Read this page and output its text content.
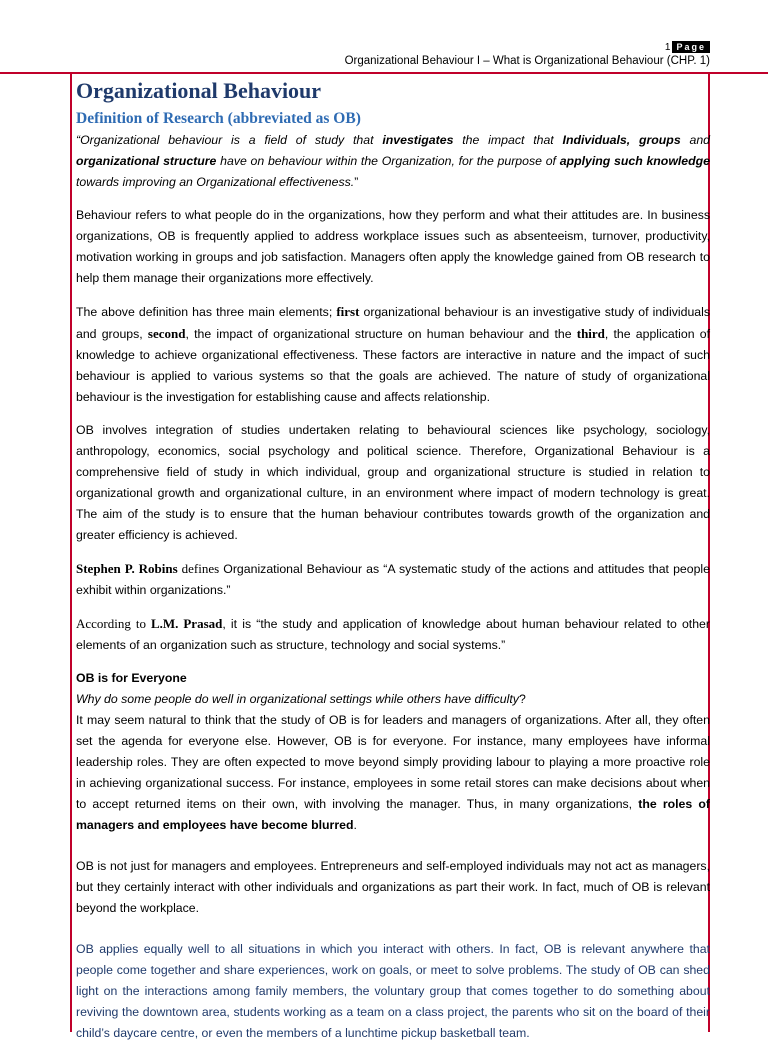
1 Page
Organizational Behaviour I – What is Organizational Behaviour (CHP. 1)
Organizational Behaviour
Definition of Research (abbreviated as OB)

“Organizational behaviour is a field of study that investigates the impact that Individuals, groups and organizational structure have on behaviour within the Organization, for the purpose of applying such knowledge towards improving an Organizational effectiveness.”

Behaviour refers to what people do in the organizations, how they perform and what their attitudes are. In business organizations, OB is frequently applied to address workplace issues such as absenteeism, turnover, productivity, motivation working in groups and job satisfaction. Managers often apply the knowledge gained from OB research to help them manage their organizations more effectively.

The above definition has three main elements; first organizational behaviour is an investigative study of individuals and groups, second, the impact of organizational structure on human behaviour and the third, the application of knowledge to achieve organizational effectiveness. These factors are interactive in nature and the impact of such behaviour is applied to various systems so that the goals are achieved. The nature of study of organizational behaviour is the investigation for establishing cause and affects relationship.

OB involves integration of studies undertaken relating to behavioural sciences like psychology, sociology, anthropology, economics, social psychology and political science. Therefore, Organizational Behaviour is a comprehensive field of study in which individual, group and organizational structure is studied in relation to organizational growth and organizational culture, in an environment where impact of modern technology is great. The aim of the study is to ensure that the human behaviour contributes towards growth of the organization and greater efficiency is achieved.

Stephen P. Robins defines Organizational Behaviour as “A systematic study of the actions and attitudes that people exhibit within organizations.”

According to L.M. Prasad, it is “the study and application of knowledge about human behaviour related to other elements of an organization such as structure, technology and social systems.”

OB is for Everyone

Why do some people do well in organizational settings while others have difficulty?

It may seem natural to think that the study of OB is for leaders and managers of organizations. After all, they often set the agenda for everyone else. However, OB is for everyone. For instance, many employees have informal leadership roles. They are often expected to move beyond simply providing labour to playing a more proactive role in achieving organizational success. For instance, employees in some retail stores can make decisions about when to accept returned items on their own, with involving the manager. Thus, in many organizations, the roles of managers and employees have become blurred.

OB is not just for managers and employees. Entrepreneurs and self-employed individuals may not act as managers, but they certainly interact with other individuals and organizations as part their work. In fact, much of OB is relevant beyond the workplace.

OB applies equally well to all situations in which you interact with others. In fact, OB is relevant anywhere that people come together and share experiences, work on goals, or meet to solve problems. The study of OB can shed light on the interactions among family members, the voluntary group that comes together to do something about reviving the downtown area, students working as a team on a class project, the parents who sit on the board of their child’s daycare centre, or even the members of a lunchtime pickup basketball team.
